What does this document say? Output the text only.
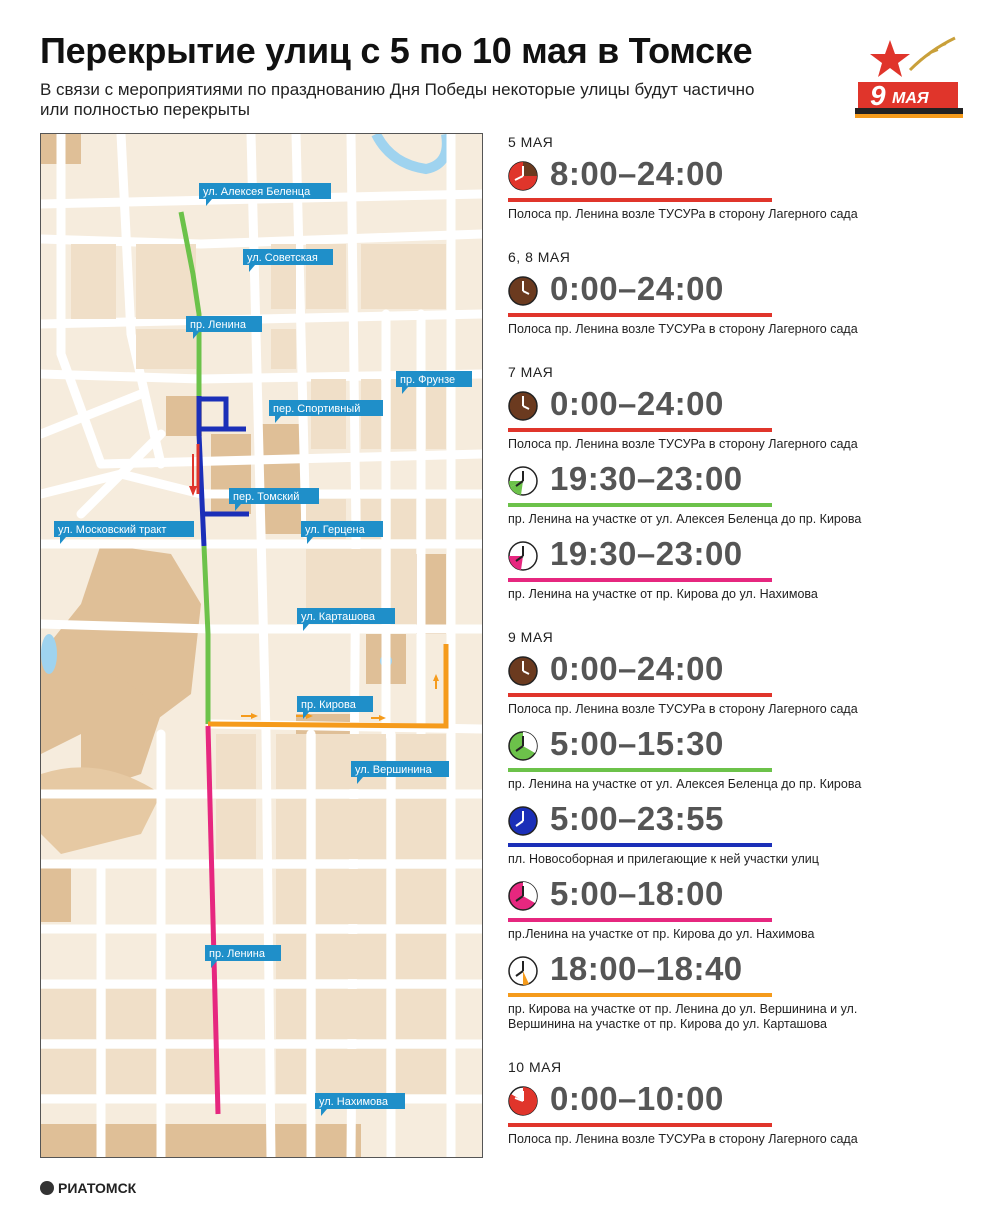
Перекрытие улиц с 5 по 10 мая в Томске
В связи с мероприятиями по празднованию Дня Победы некоторые улицы будут частично или полностью перекрыты	9 МАЯ
ул. Алексея Беленца
ул. Советская
пр. Ленина
пр. Фрунзе
пер. Спортивный
пер. Томский
ул. Московский тракт	ул. Герцена
ул. Карташова
пр. Кирова
ул. Вершинина
пр. Ленина
ул. Нахимова
5 МАЯ
8:00–24:00
Полоса пр. Ленина возле ТУСУРа в сторону Лагерного сада
6, 8 МАЯ
0:00–24:00
Полоса пр. Ленина возле ТУСУРа в сторону Лагерного сада
7 МАЯ
0:00–24:00
Полоса пр. Ленина возле ТУСУРа в сторону Лагерного сада
19:30–23:00
пр. Ленина на участке от ул. Алексея Беленца до пр. Кирова
19:30–23:00
пр. Ленина на участке от пр. Кирова до ул. Нахимова
9 МАЯ
0:00–24:00
Полоса пр. Ленина возле ТУСУРа в сторону Лагерного сада
5:00–15:30
пр. Ленина на участке от ул. Алексея Беленца до пр. Кирова
5:00–23:55
пл. Новособорная и прилегающие к ней участки улиц
5:00–18:00
пр.Ленина на участке от пр. Кирова до ул. Нахимова
18:00–18:40
пр. Кирова на участке от пр. Ленина до ул. Вершинина и ул. Вершинина на участке от пр. Кирова до ул. Карташова
10 МАЯ
0:00–10:00
Полоса пр. Ленина возле ТУСУРа в сторону Лагерного сада
РИАТОМСК
